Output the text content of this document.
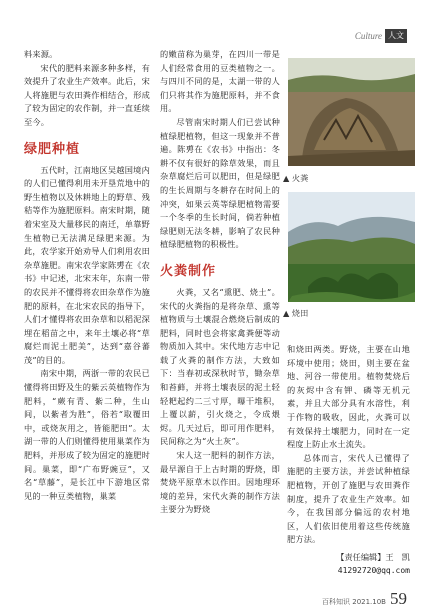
Culture 人文

料来源。

宋代的肥料来源多种多样，有效提升了农业生产效率。此后，宋人将施肥与农田粪作相结合，形成了较为固定的农作制，并一直延续至今。

绿肥种植

五代时，江南地区吴越国境内的人们已懂得利用未开垦荒地中的野生植物以及休耕地上的野草、残秸等作为施肥原料。南宋时期，随着宋室及大量移民的南迁，单靠野生植物已无法满足绿肥来源。为此，农学家开始劝导人们利用农田杂草施肥。南宋农学家陈旉在《农书》中记述，北宋末年，东南一带的农民并不懂得将农田杂草作为施肥的原料，在北宋农民的指导下，人们才懂得将农田杂草和以稻泥深埋在稻苗之中，来年土壤必将“草腐烂而泥土肥美”，达到“嘉谷蕃茂”的目的。

南宋中期，两浙一带的农民已懂得将田野及生的紫云英植物作为肥料，“蕨有青、紫二种，生山间，以紫者为胜”，俗若“取覆田中，或烧灰用之，皆能肥田”。太湖一带的人们则懂得使用巢菜作为肥料，并形成了较为固定的施肥时间。巢菜，即“广布野豌豆”，又名“草藤”，是长江中下游地区常见的一种豆类植物，巢菜

的嫩苗称为巢芽，在四川一带是人们经常食用的豆类植物之一。与四川不同的是，太湖一带的人们只将其作为施肥原料，并不食用。

尽管南宋时期人们已尝试种植绿肥植物，但这一现象并不普遍。陈旉在《农书》中指出：冬耕不仅有很好的除草效果，而且杂草腐烂后可以肥田，但是绿肥的生长周期与冬耕存在时间上的冲突，如果云英等绿肥植物需要一个冬季的生长时间，倘若种植绿肥则无法冬耕，影响了农民种植绿肥植物的积极性。

火粪制作

火粪，又名“熏肥、烧土”。宋代的火粪指的是将杂草、熏等植物质与土壤混合燃烧后制成的肥料，同时也会将家禽粪便等动物质加入其中。宋代地方志中记载了火粪的制作方法，大致如下：当春初或深秋时节，锄杂草和苔藓，并将土壤表层的泥土轻轻耙起约二三寸厚，曝干堆积，上覆以薪，引火烧之，令成煨烬。几天过后，即可用作肥料，民间称之为“火土灰”。

宋人这一肥料的制作方法，最早源自于上古时期的野烧，即焚烧平原草木以作田。因地理环境的差异，宋代火粪的制作方法主要分为野烧

▲ 火粪
▲ 烧田

和烧田两类。野烧，主要在山地环境中使用；烧田，则主要在盆地、河谷一带使用。植物焚烧后的灰烬中含有钾、磷等无机元素，并且大部分具有水溶性，利于作物的吸收，因此，火粪可以有效保持土壤肥力，同时在一定程度上防止水土流失。

总体而言，宋代人已懂得了施肥的主要方法，并尝试种植绿肥植物，开创了施肥与农田粪作制度，提升了农业生产效率。如今，在我国部分偏远的农村地区，人们依旧使用着这些传统施肥方法。

【责任编辑】王　凯

41292720@qq.com

百科知识 2021.10B 59
